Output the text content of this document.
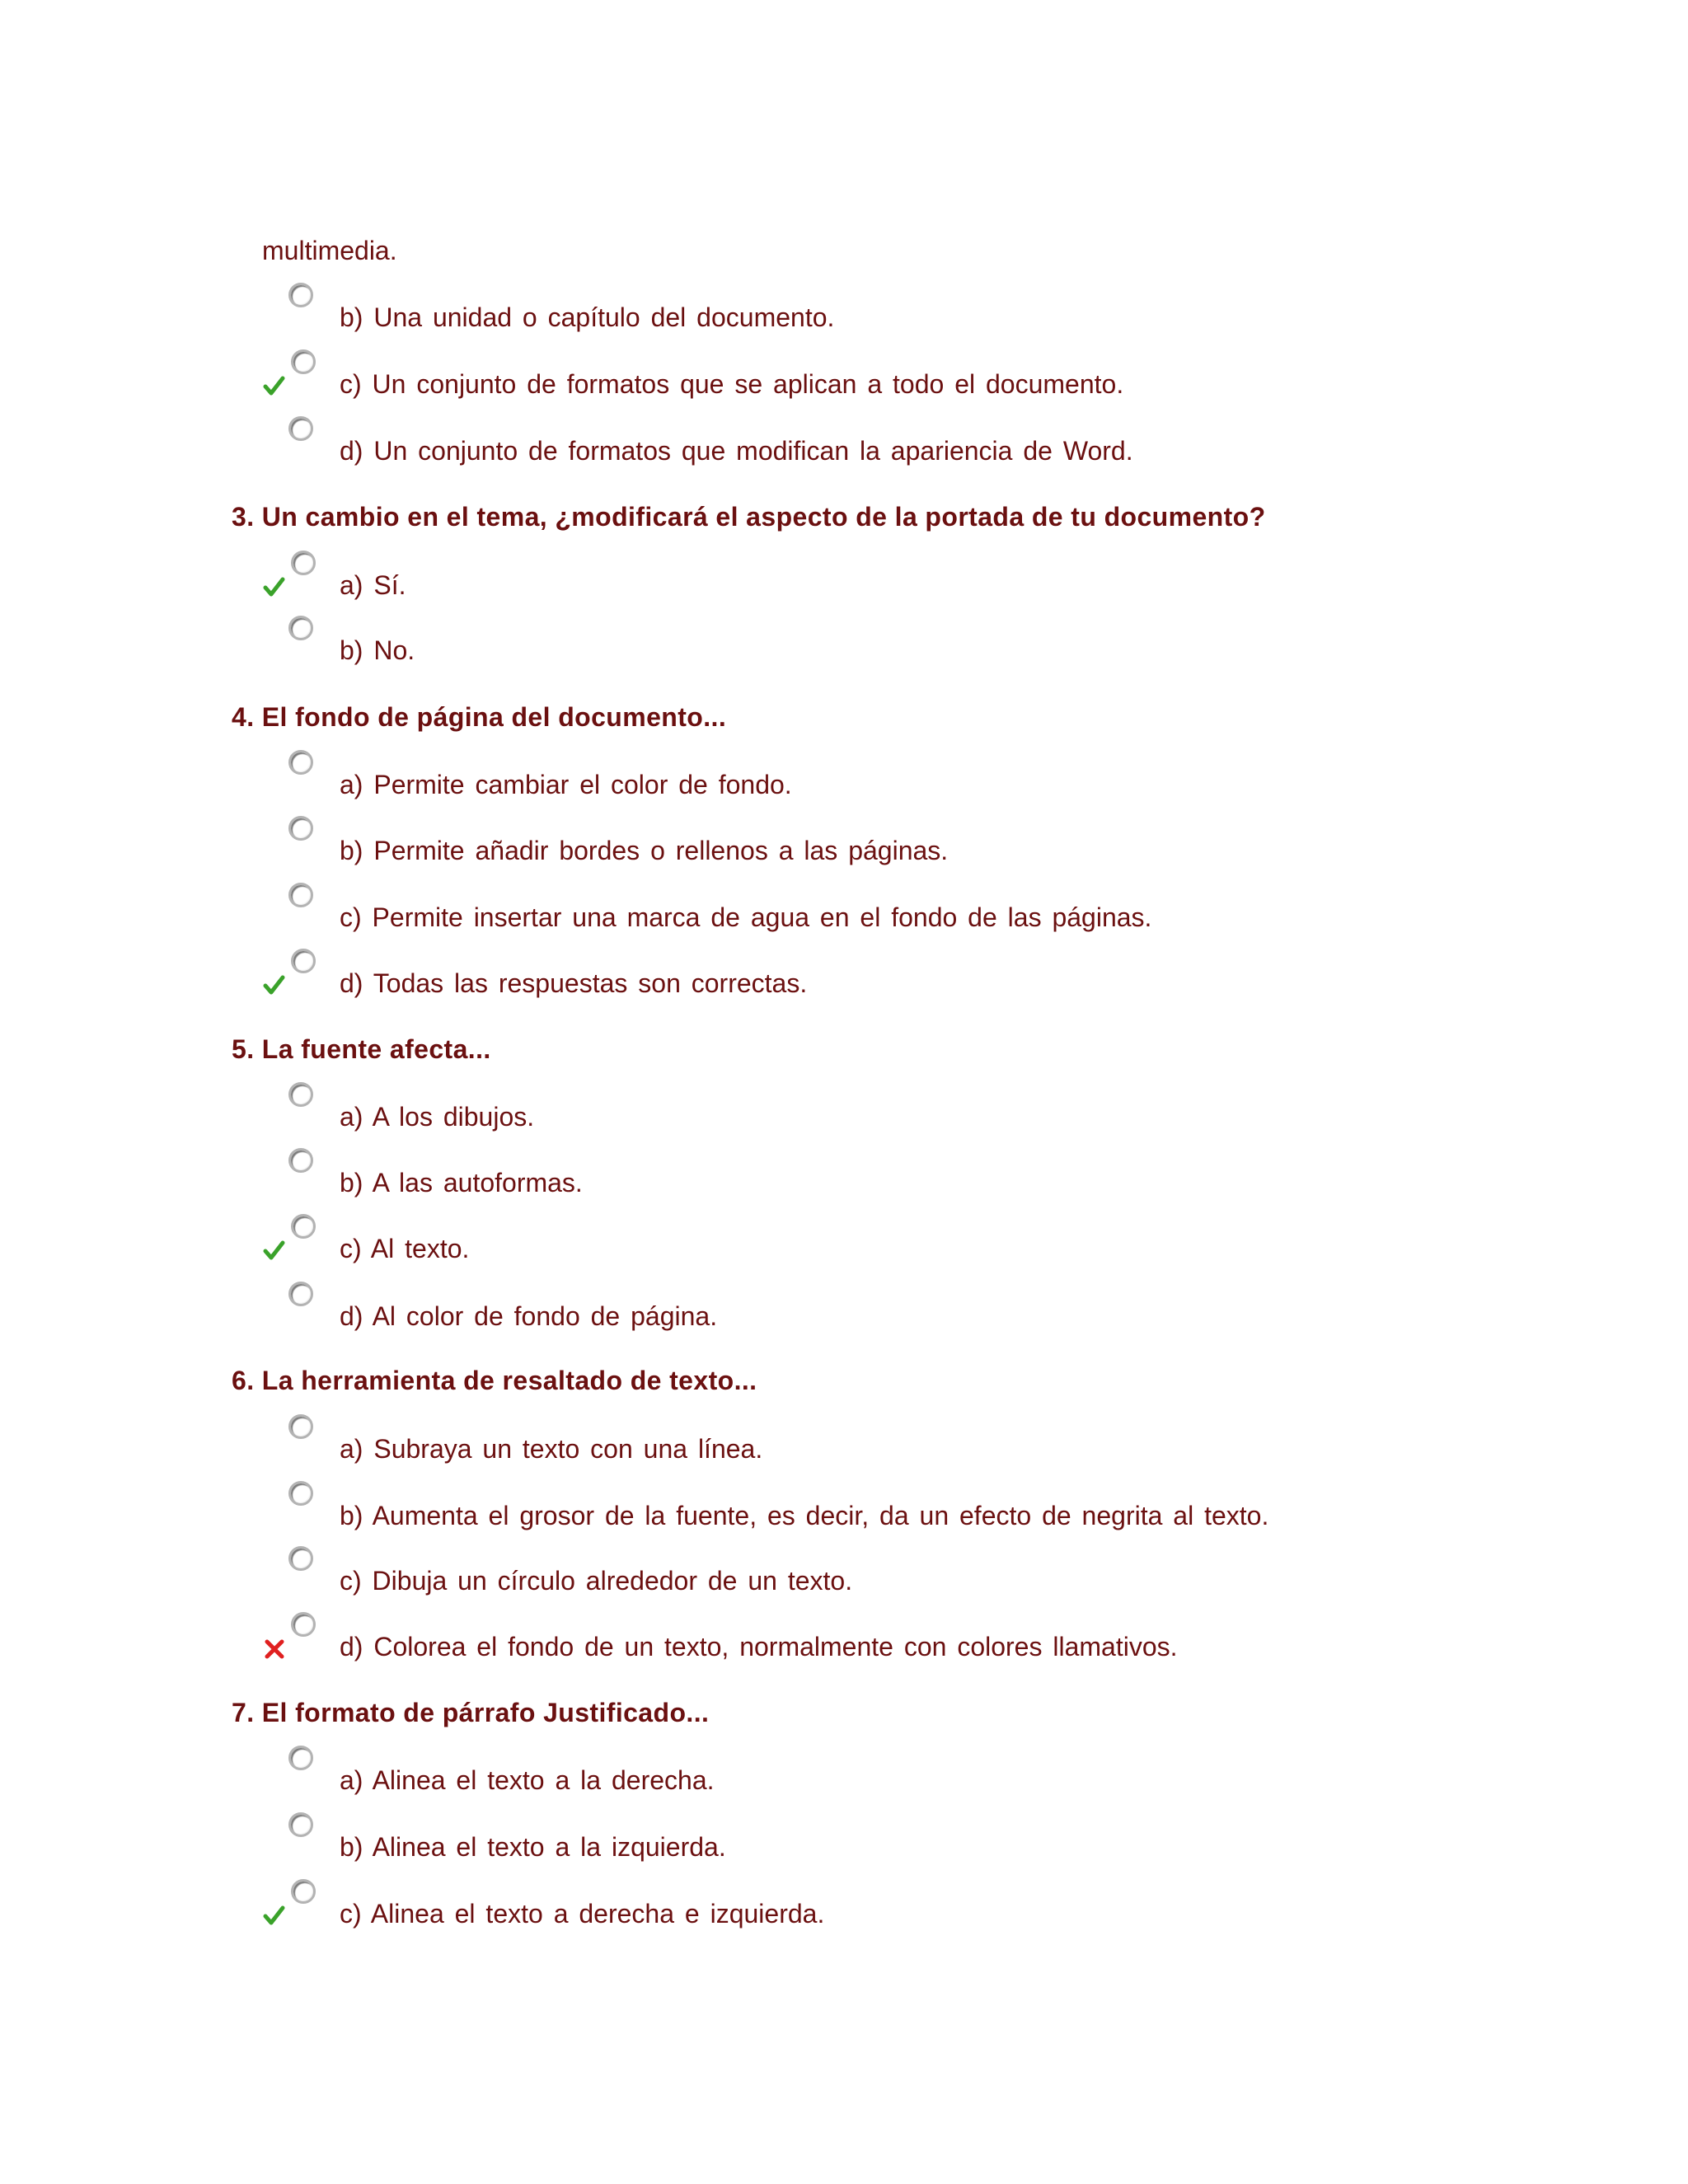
multimedia.
b) Una unidad o capítulo del documento.
c) Un conjunto de formatos que se aplican a todo el documento.
d) Un conjunto de formatos que modifican la apariencia de Word.
3. Un cambio en el tema, ¿modificará el aspecto de la portada de tu documento?
a) Sí.
b) No.
4. El fondo de página del documento...
a) Permite cambiar el color de fondo.
b) Permite añadir bordes o rellenos a las páginas.
c) Permite insertar una marca de agua en el fondo de las páginas.
d) Todas las respuestas son correctas.
5. La fuente afecta...
a) A los dibujos.
b) A las autoformas.
c) Al texto.
d) Al color de fondo de página.
6. La herramienta de resaltado de texto...
a) Subraya un texto con una línea.
b) Aumenta el grosor de la fuente, es decir, da un efecto de negrita al texto.
c) Dibuja un círculo alrededor de un texto.
d) Colorea el fondo de un texto, normalmente con colores llamativos.
7. El formato de párrafo Justificado...
a) Alinea el texto a la derecha.
b) Alinea el texto a la izquierda.
c) Alinea el texto a derecha e izquierda.
